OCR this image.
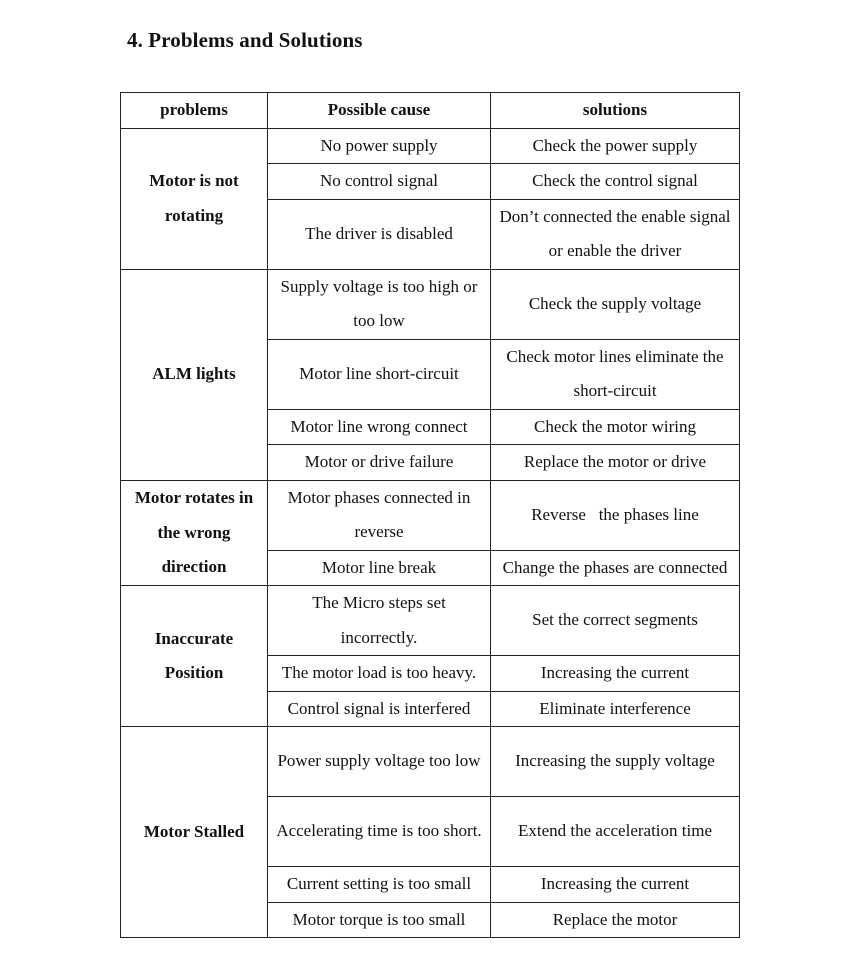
4. Problems and Solutions
problems	Possible cause	solutions
Motor is not rotating	No power supply	Check the power supply
	No control signal	Check the control signal
	The driver is disabled	Don’t connected the enable signal or enable the driver
ALM lights	Supply voltage is too high or too low	Check the supply voltage
	Motor line short-circuit	Check motor lines eliminate the short-circuit
	Motor line wrong connect	Check the motor wiring
	Motor or drive failure	Replace the motor or drive
Motor rotates in the wrong direction	Motor phases connected in reverse	Reverse   the phases line
	Motor line break	Change the phases are connected
Inaccurate Position	The Micro steps set incorrectly.	Set the correct segments
	The motor load is too heavy.	Increasing the current
	Control signal is interfered	Eliminate interference
Motor Stalled	Power supply voltage too low	Increasing the supply voltage
	Accelerating time is too short.	Extend the acceleration time
	Current setting is too small	Increasing the current
	Motor torque is too small	Replace the motor
